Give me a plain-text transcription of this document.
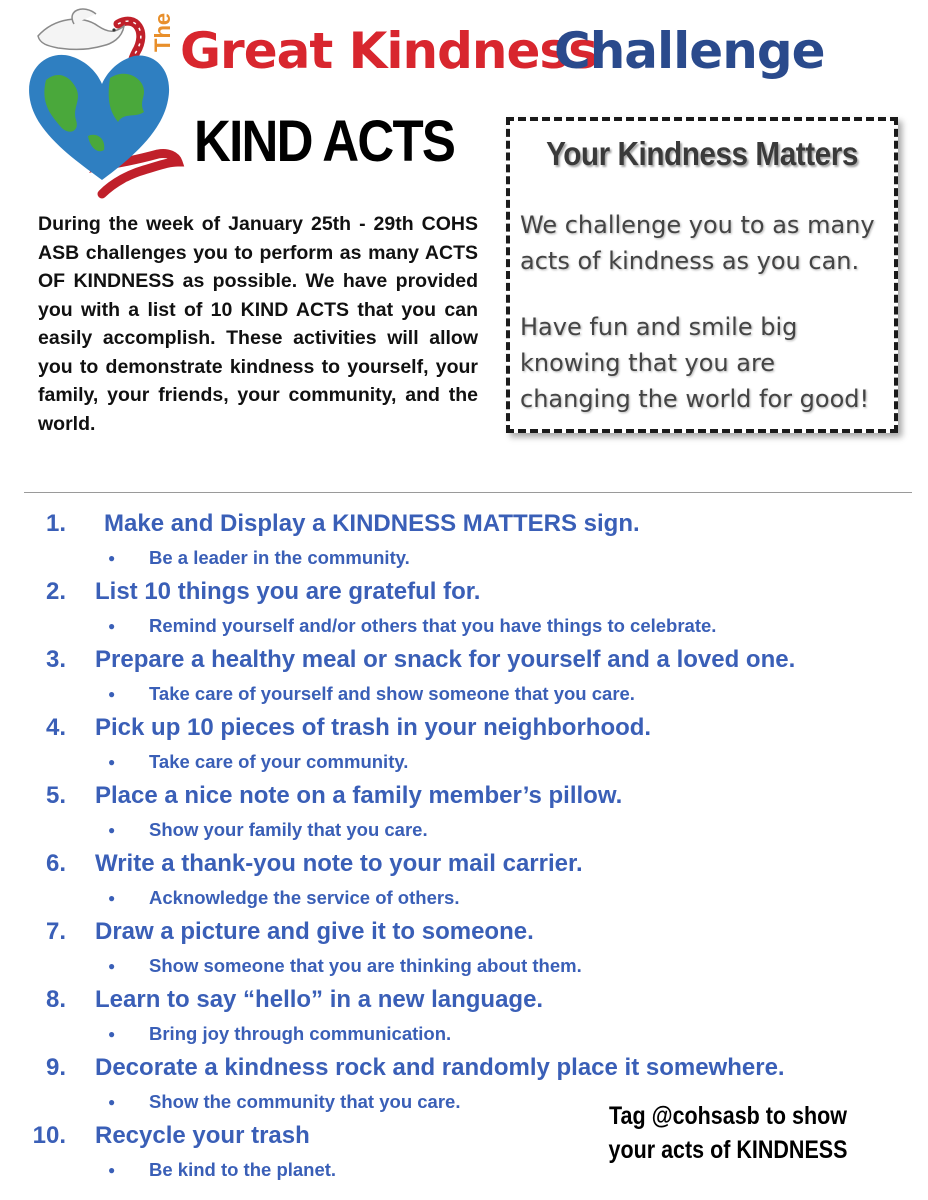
The Great Kindness
Challenge
KIND ACTS
During the week of January 25th - 29th COHS ASB challenges you to perform as many ACTS OF KINDNESS as possible. We have provided you with a list of 10 KIND ACTS that you can easily accomplish. These activities will allow you to demonstrate kindness to yourself, your family, your friends, your community, and the world.
Your Kindness Matters
We challenge you to as many acts of kindness as you can.
Have fun and smile big knowing that you are changing the world for good!
1. Make and Display a KINDNESS MATTERS sign.
● Be a leader in the community.
2. List 10 things you are grateful for.
● Remind yourself and/or others that you have things to celebrate.
3. Prepare a healthy meal or snack for yourself and a loved one.
● Take care of yourself and show someone that you care.
4. Pick up 10 pieces of trash in your neighborhood.
● Take care of your community.
5. Place a nice note on a family member’s pillow.
● Show your family that you care.
6. Write a thank-you note to your mail carrier.
● Acknowledge the service of others.
7. Draw a picture and give it to someone.
● Show someone that you are thinking about them.
8. Learn to say “hello” in a new language.
● Bring joy through communication.
9. Decorate a kindness rock and randomly place it somewhere.
● Show the community that you care.
10. Recycle your trash
● Be kind to the planet.
Tag @cohsasb to show
your acts of KINDNESS
